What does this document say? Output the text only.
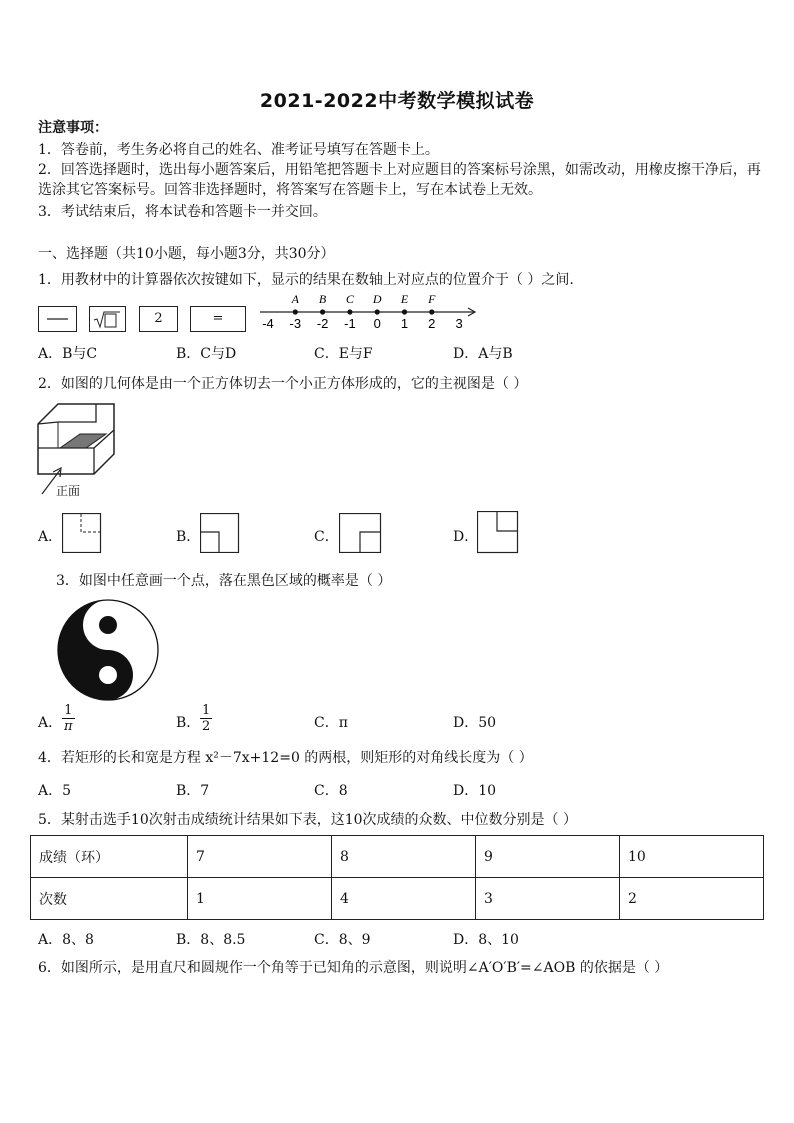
2021-2022中考数学模拟试卷
注意事项：
1．答卷前，考生务必将自己的姓名、准考证号填写在答题卡上。
2．回答选择题时，选出每小题答案后，用铅笔把答题卡上对应题目的答案标号涂黑，如需改动，用橡皮擦干净后，再
选涂其它答案标号。回答非选择题时，将答案写在答题卡上，写在本试卷上无效。
3．考试结束后，将本试卷和答题卡一并交回。
一、选择题（共10小题，每小题3分，共30分）
1．用教材中的计算器依次按键如下，显示的结果在数轴上对应点的位置介于（ ）之间.
2	=	-4 -3 -2 -1 0 1 2 3
A B C D E F
A．B与C	B．C与D	C．E与F	D．A与B
2．如图的几何体是由一个正方体切去一个小正方体形成的，它的主视图是（ ）
正面
A．	B．	C．	D．
3．如图中任意画一个点，落在黑色区域的概率是（ ）
A． $\frac{1}{\pi}$	B． $\frac{1}{2}$	C．π	D．50
4．若矩形的长和宽是方程 x²－7x+12=0 的两根，则矩形的对角线长度为（ ）
A．5	B．7	C．8	D．10
5．某射击选手10次射击成绩统计结果如下表，这10次成绩的众数、中位数分别是（ ）
成绩（环）	7	8	9	10
次数	1	4	3	2
A．8、8	B．8、8.5	C．8、9	D．8、10
6．如图所示，是用直尺和圆规作一个角等于已知角的示意图，则说明∠A′O′B′=∠AOB 的依据是（ ）
